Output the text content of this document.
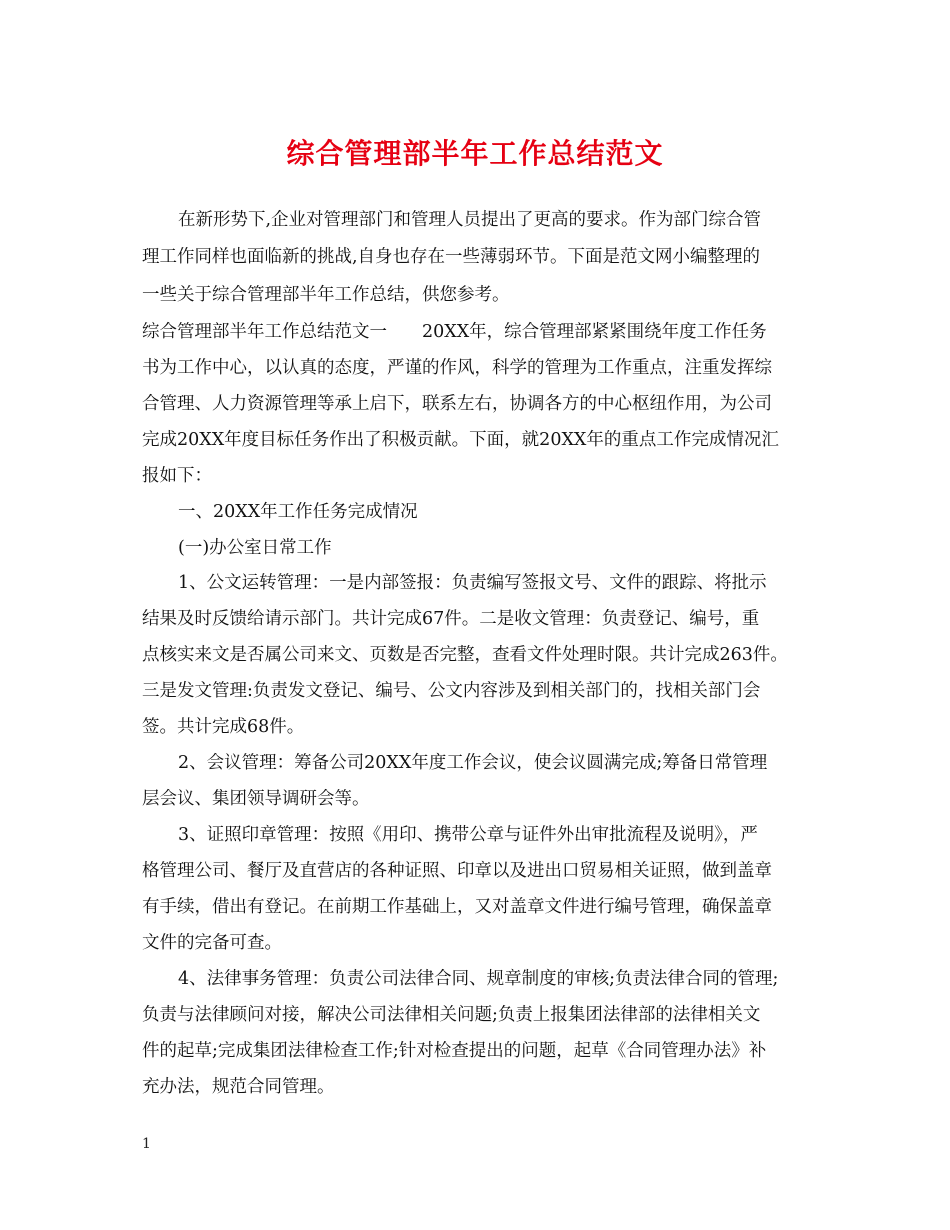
综合管理部半年工作总结范文

在新形势下,企业对管理部门和管理人员提出了更高的要求。作为部门综合管

理工作同样也面临新的挑战,自身也存在一些薄弱环节。下面是范文网小编整理的

一些关于综合管理部半年工作总结，供您参考。

综合管理部半年工作总结范文一　　20XX年，综合管理部紧紧围绕年度工作任务

书为工作中心，以认真的态度，严谨的作风，科学的管理为工作重点，注重发挥综

合管理、人力资源管理等承上启下，联系左右，协调各方的中心枢纽作用，为公司

完成20XX年度目标任务作出了积极贡献。下面，就20XX年的重点工作完成情况汇

报如下：

一、20XX年工作任务完成情况

(一)办公室日常工作

1、公文运转管理：一是内部签报：负责编写签报文号、文件的跟踪、将批示

结果及时反馈给请示部门。共计完成67件。二是收文管理：负责登记、编号，重

点核实来文是否属公司来文、页数是否完整，查看文件处理时限。共计完成263件。

三是发文管理:负责发文登记、编号、公文内容涉及到相关部门的，找相关部门会

签。共计完成68件。

2、会议管理：筹备公司20XX年度工作会议，使会议圆满完成;筹备日常管理

层会议、集团领导调研会等。

3、证照印章管理：按照《用印、携带公章与证件外出审批流程及说明》，严

格管理公司、餐厅及直营店的各种证照、印章以及进出口贸易相关证照，做到盖章

有手续，借出有登记。在前期工作基础上，又对盖章文件进行编号管理，确保盖章

文件的完备可查。

4、法律事务管理：负责公司法律合同、规章制度的审核;负责法律合同的管理;

负责与法律顾问对接，解决公司法律相关问题;负责上报集团法律部的法律相关文

件的起草;完成集团法律检查工作;针对检查提出的问题，起草《合同管理办法》补

充办法，规范合同管理。

1
